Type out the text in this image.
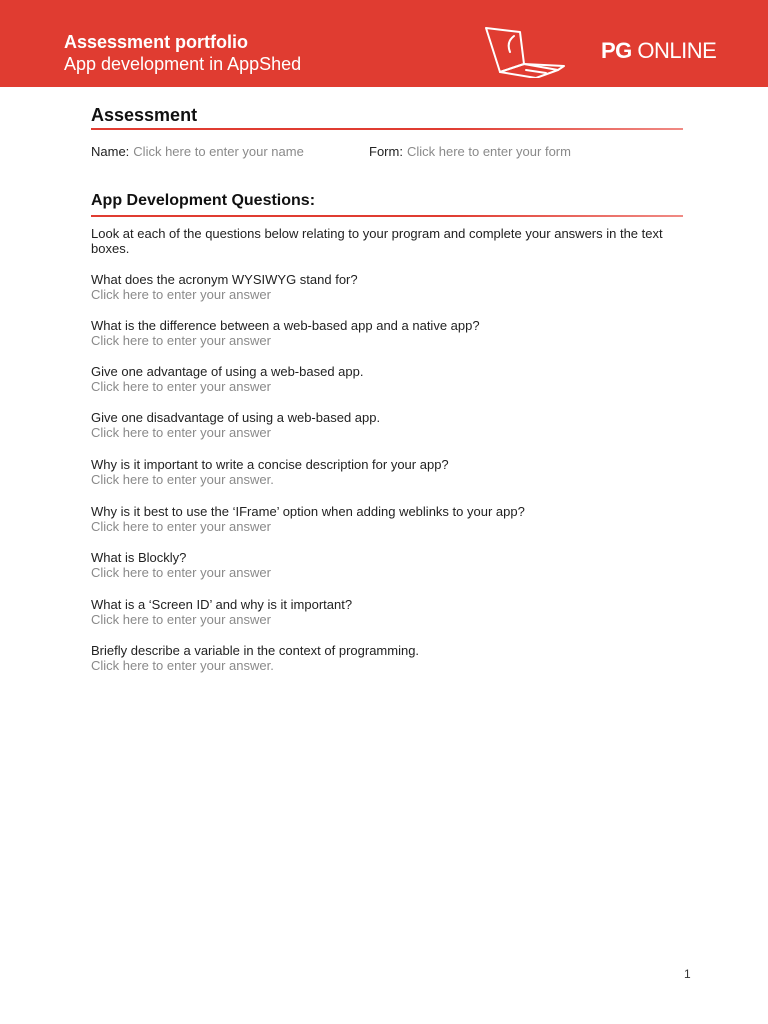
Assessment portfolio
App development in AppShed
PG ONLINE
Assessment
Name: Click here to enter your name	Form: Click here to enter your form
App Development Questions:
Look at each of the questions below relating to your program and complete your answers in the text boxes.
What does the acronym WYSIWYG stand for?
Click here to enter your answer
What is the difference between a web-based app and a native app?
Click here to enter your answer
Give one advantage of using a web-based app.
Click here to enter your answer
Give one disadvantage of using a web-based app.
Click here to enter your answer
Why is it important to write a concise description for your app?
Click here to enter your answer.
Why is it best to use the ‘IFrame’ option when adding weblinks to your app?
Click here to enter your answer
What is Blockly?
Click here to enter your answer
What is a ‘Screen ID’ and why is it important?
Click here to enter your answer
Briefly describe a variable in the context of programming.
Click here to enter your answer.
1
